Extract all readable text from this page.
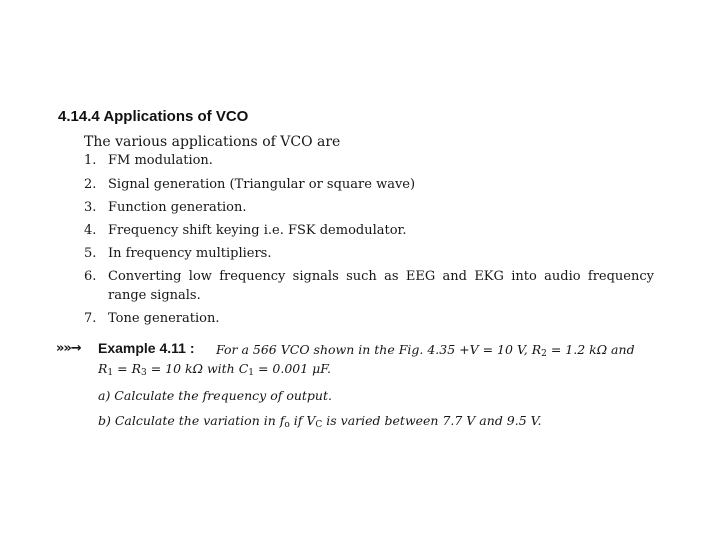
4.14.4 Applications of VCO
The various applications of VCO are
1. FM modulation.
2. Signal generation (Triangular or square wave)
3. Function generation.
4. Frequency shift keying i.e. FSK demodulator.
5. In frequency multipliers.
6. Converting low frequency signals such as EEG and EKG into audio frequency range signals.
7. Tone generation.
»»→ Example 4.11 : For a 566 VCO shown in the Fig. 4.35 +V = 10 V, $R_2 = 1.2$ kΩ and
$R_1 = R_3 = 10$ kΩ with $C_1 = 0.001$ μF.
a) Calculate the frequency of output.
b) Calculate the variation in $f_o$ if $V_C$ is varied between 7.7 V and 9.5 V.
